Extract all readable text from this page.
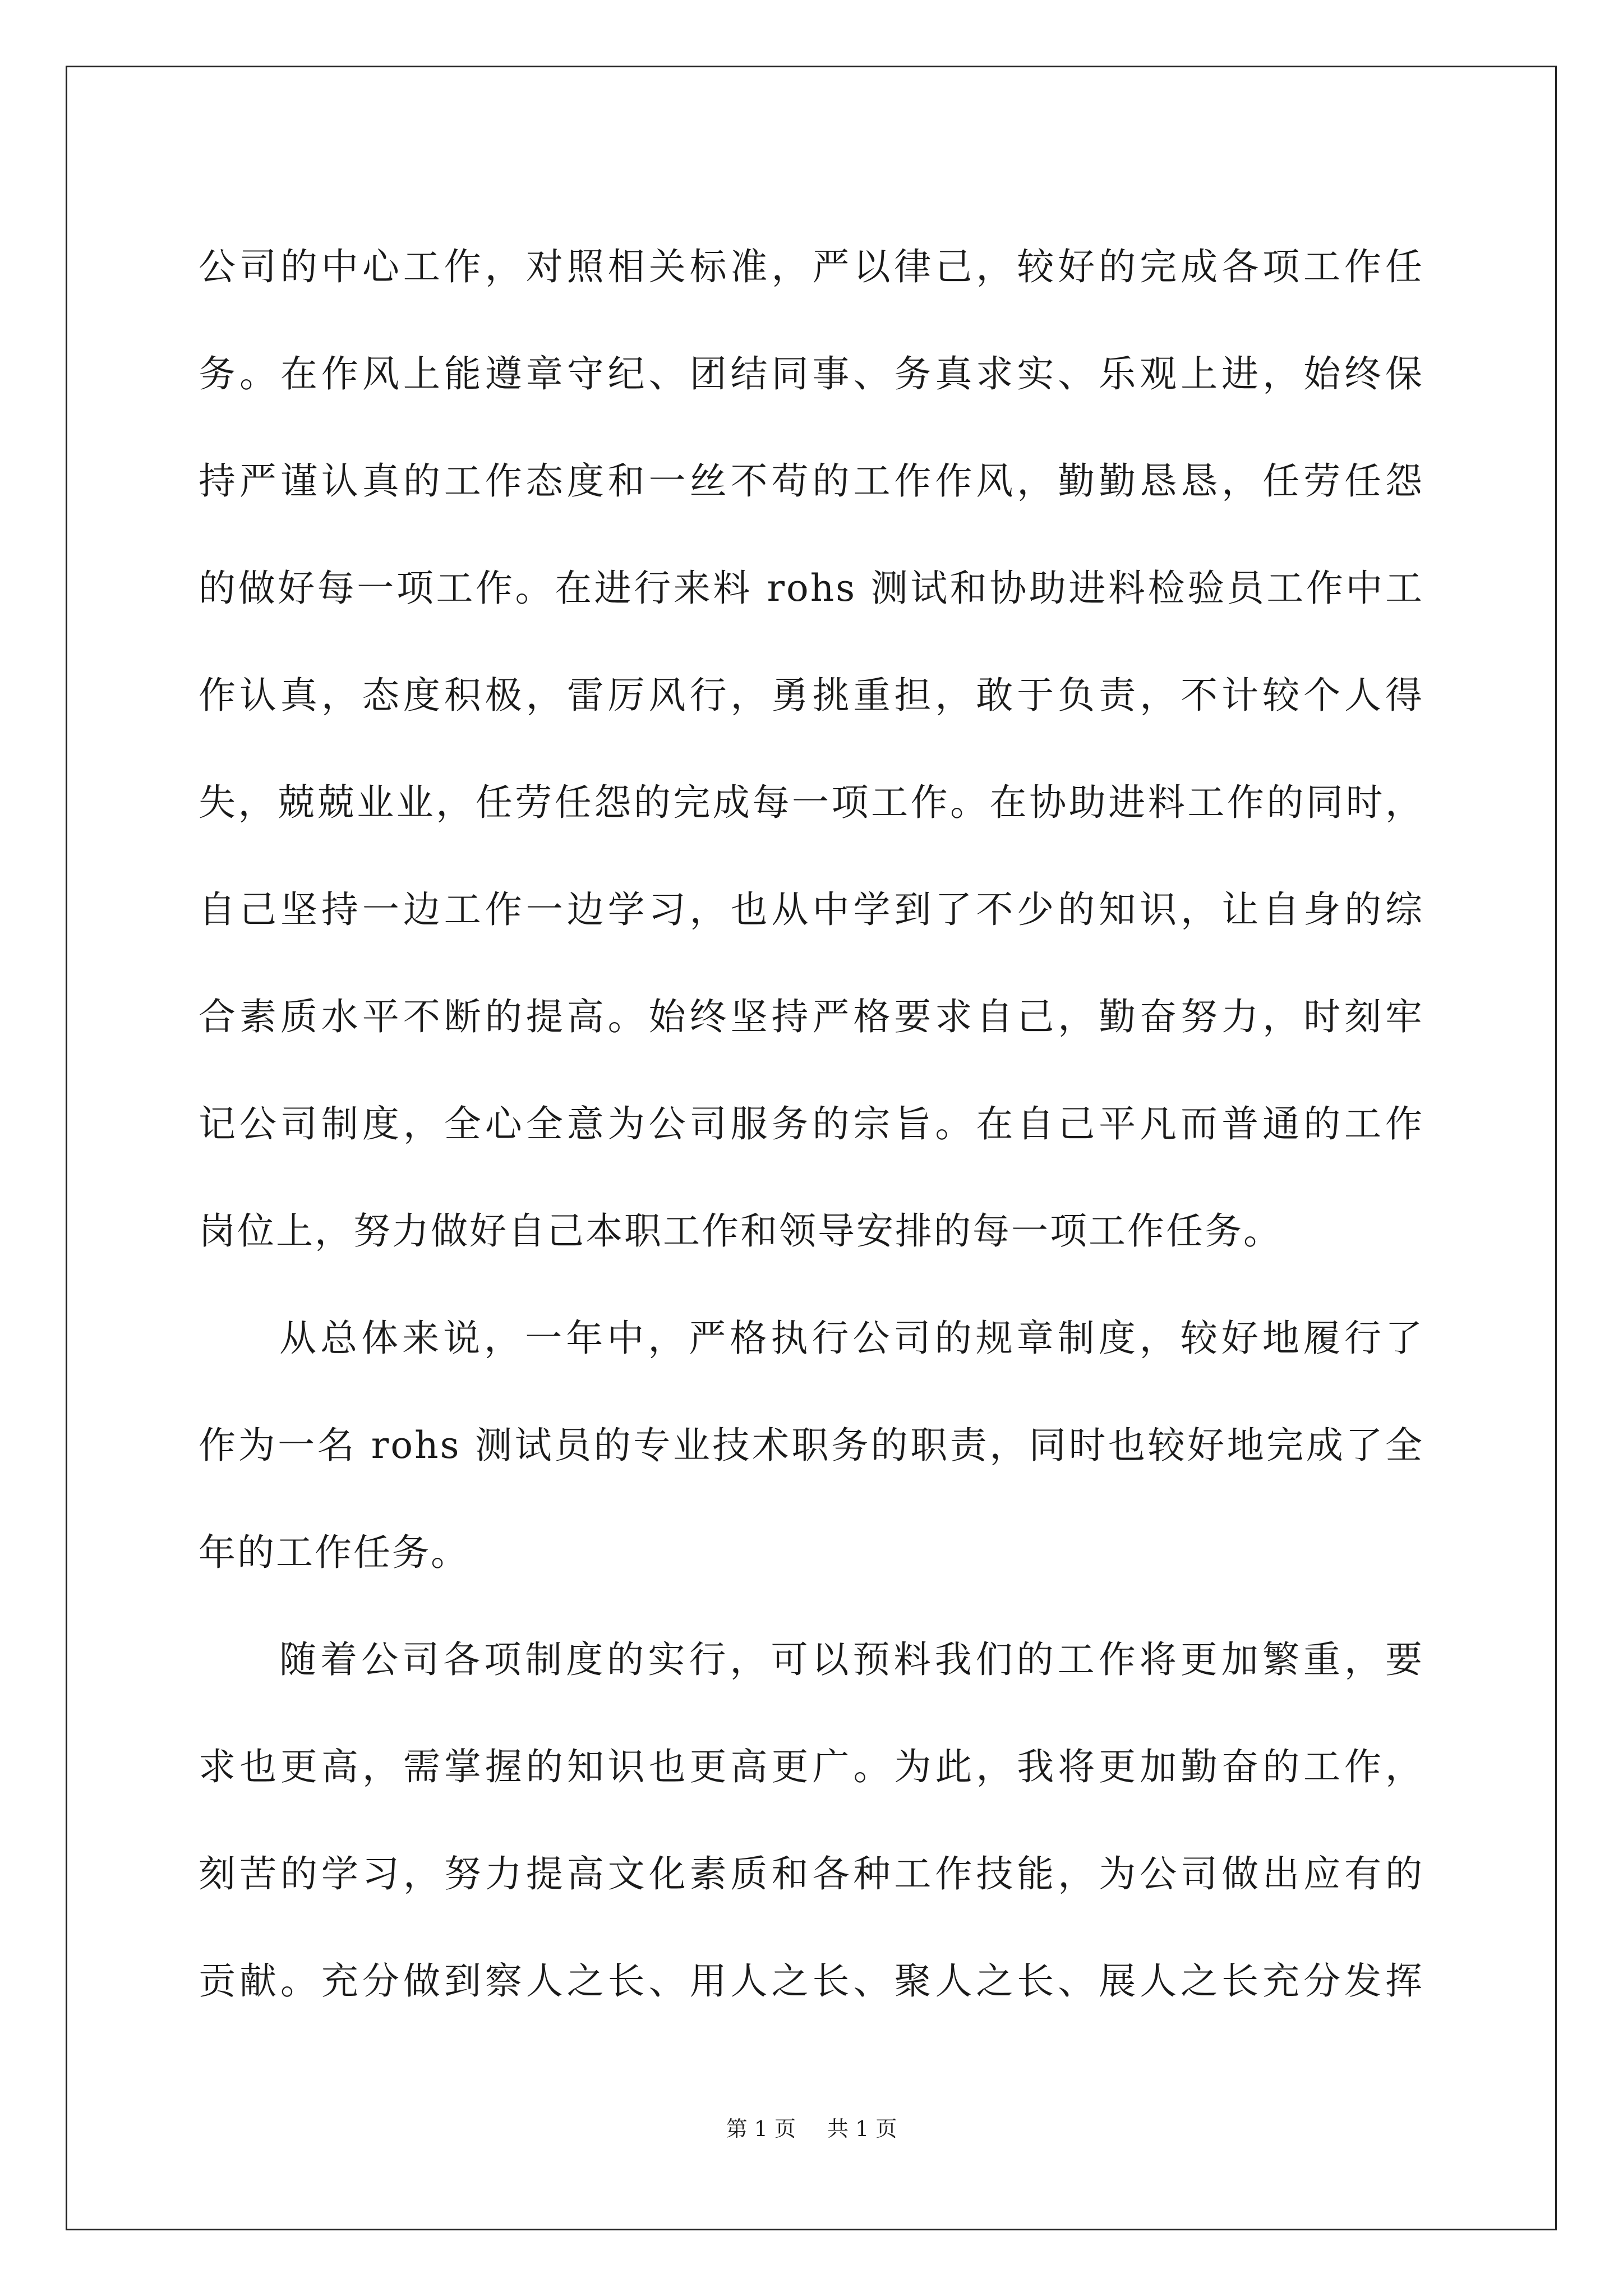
公司的中心工作，对照相关标准，严以律己，较好的完成各项工作任
务。在作风上能遵章守纪、团结同事、务真求实、乐观上进，始终保
持严谨认真的工作态度和一丝不苟的工作作风，勤勤恳恳，任劳任怨
的做好每一项工作。在进行来料 rohs 测试和协助进料检验员工作中工
作认真，态度积极，雷厉风行，勇挑重担，敢于负责，不计较个人得
失，兢兢业业，任劳任怨的完成每一项工作。在协助进料工作的同时，
自己坚持一边工作一边学习，也从中学到了不少的知识，让自身的综
合素质水平不断的提高。始终坚持严格要求自己，勤奋努力，时刻牢
记公司制度，全心全意为公司服务的宗旨。在自己平凡而普通的工作
岗位上，努力做好自己本职工作和领导安排的每一项工作任务。
从总体来说，一年中，严格执行公司的规章制度，较好地履行了
作为一名 rohs 测试员的专业技术职务的职责，同时也较好地完成了全
年的工作任务。
随着公司各项制度的实行，可以预料我们的工作将更加繁重，要
求也更高，需掌握的知识也更高更广。为此，我将更加勤奋的工作，
刻苦的学习，努力提高文化素质和各种工作技能，为公司做出应有的
贡献。充分做到察人之长、用人之长、聚人之长、展人之长充分发挥
第 1 页 共 1 页
